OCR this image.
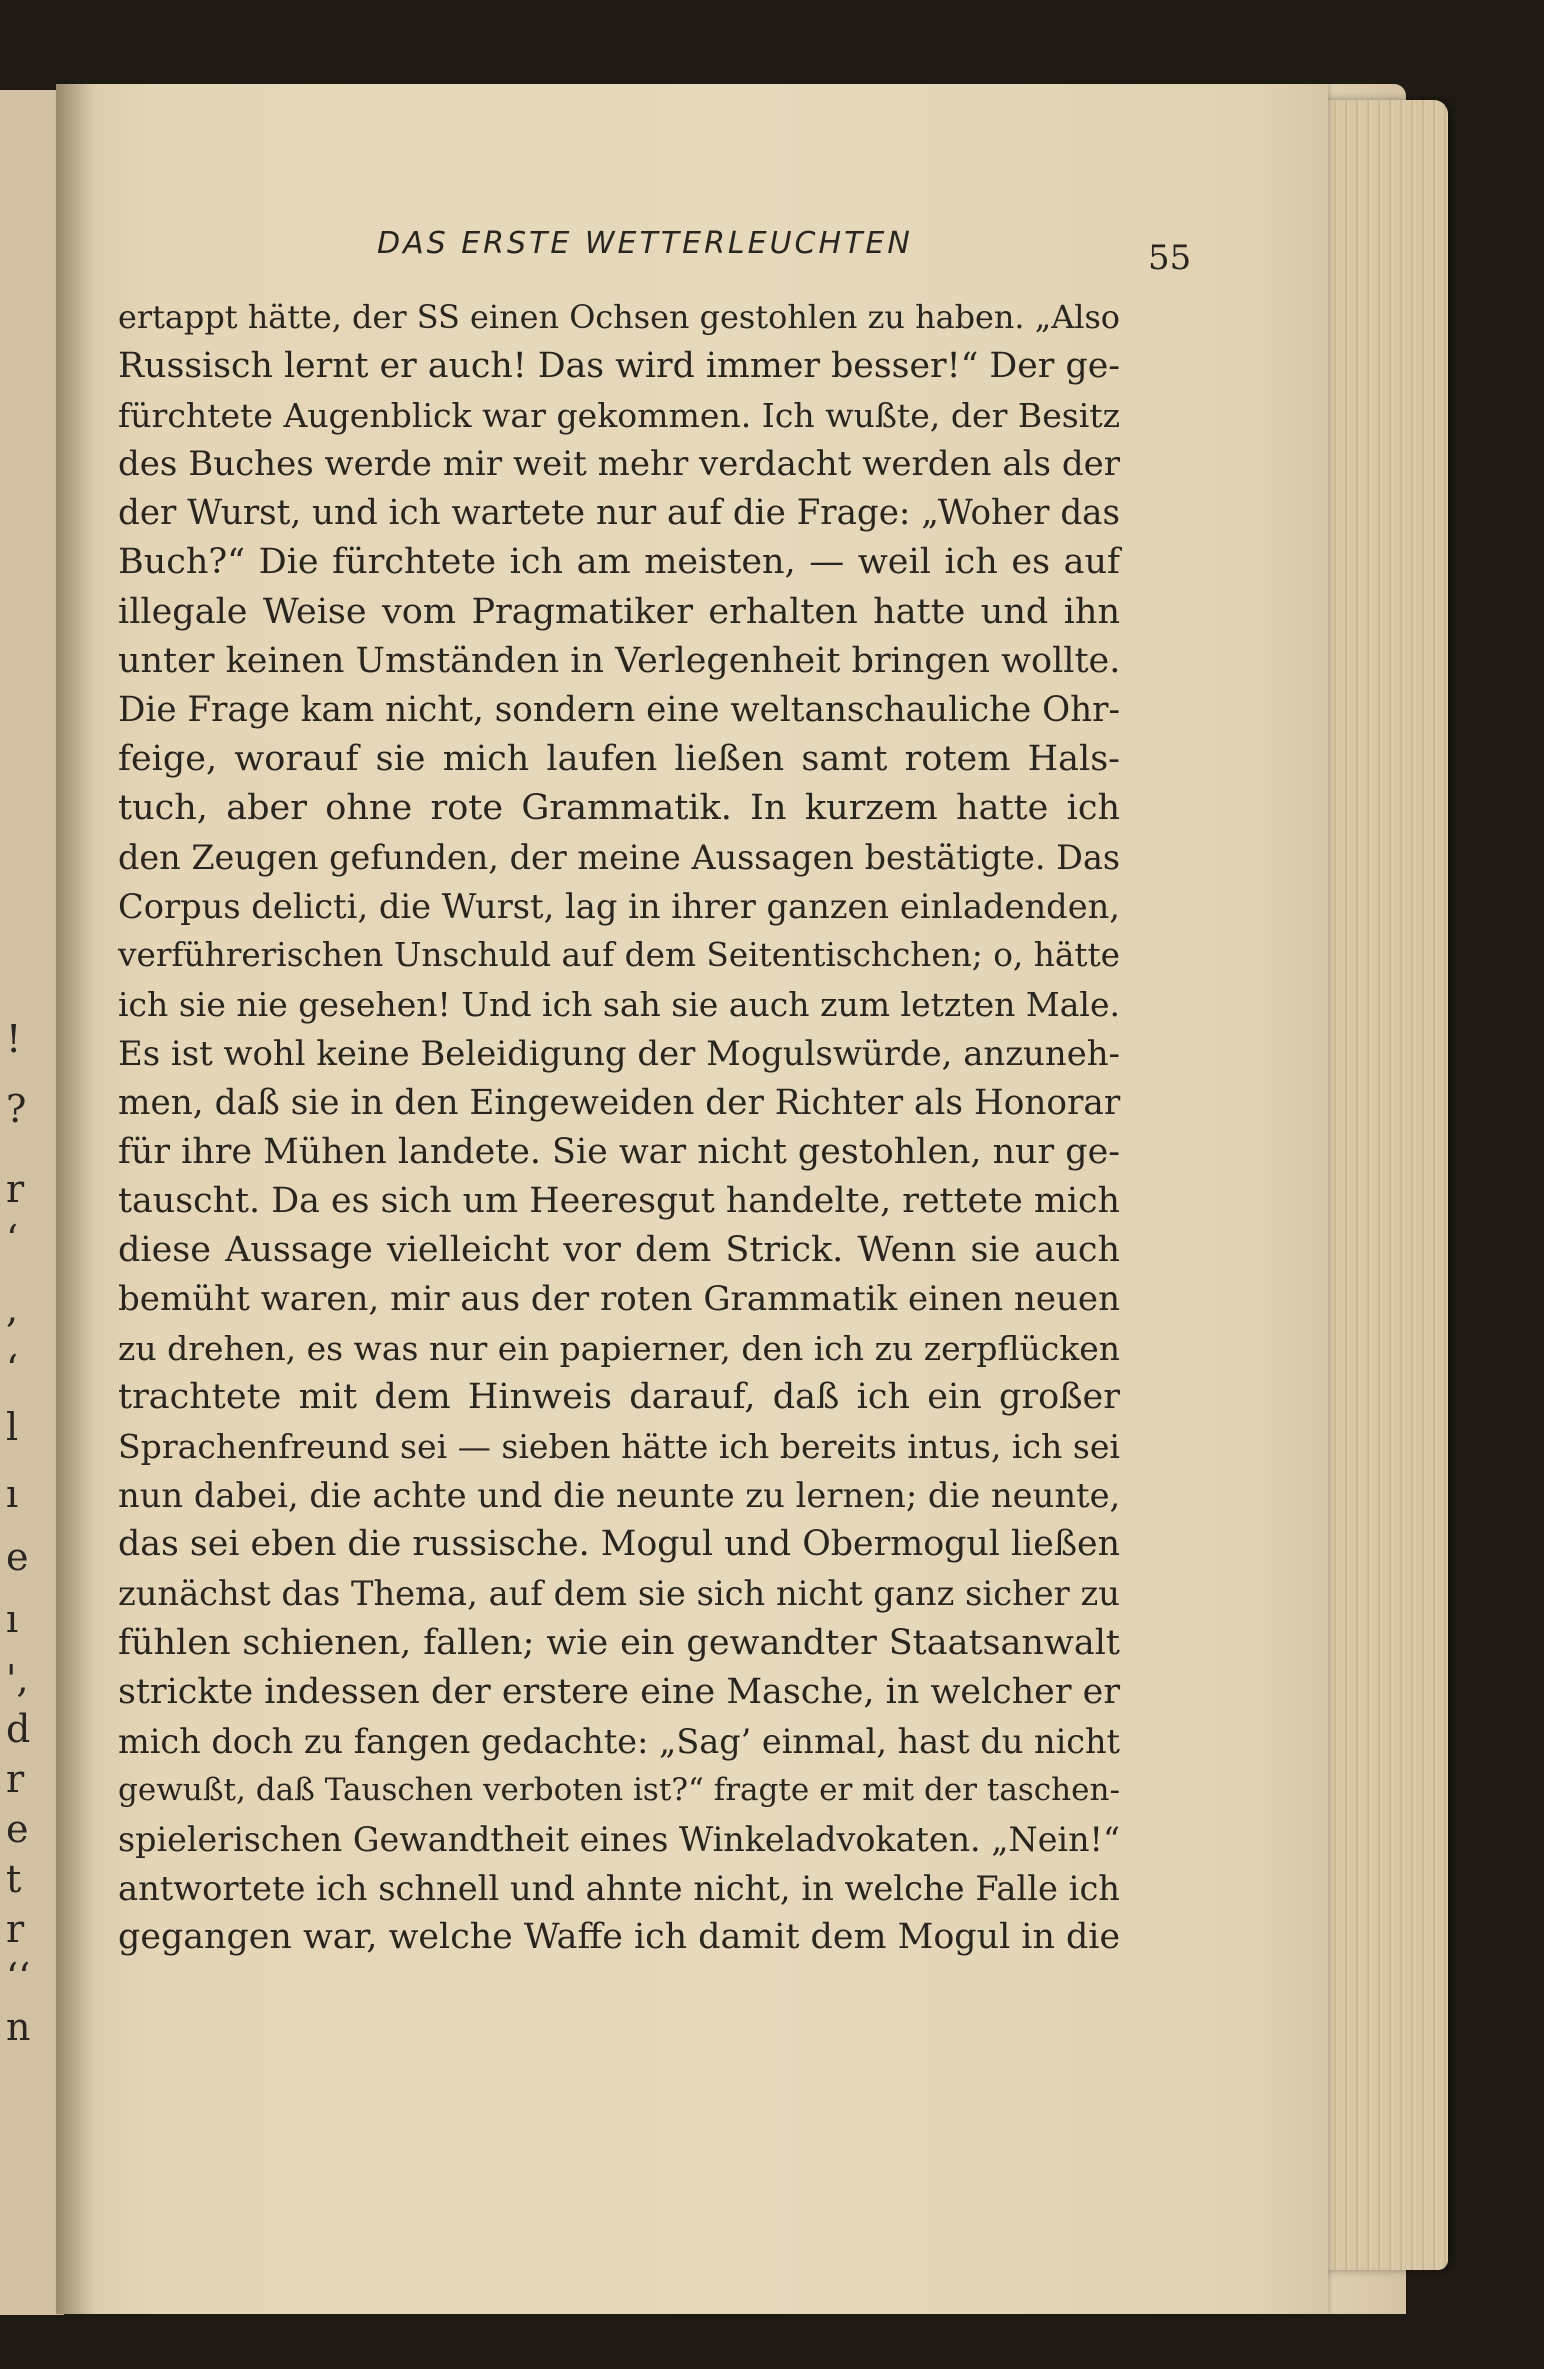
!
?
r
‘
,
‘
l
ı
e
ı
',
d
r
e
t
r
‘‘
n
DAS ERSTE WETTERLEUCHTEN	55

ertappt hätte, der SS einen Ochsen gestohlen zu haben. „Also
Russisch lernt er auch! Das wird immer besser!“ Der ge-
fürchtete Augenblick war gekommen. Ich wußte, der Besitz
des Buches werde mir weit mehr verdacht werden als der
der Wurst, und ich wartete nur auf die Frage: „Woher das
Buch?“ Die fürchtete ich am meisten, — weil ich es auf
illegale Weise vom Pragmatiker erhalten hatte und ihn
unter keinen Umständen in Verlegenheit bringen wollte.
Die Frage kam nicht, sondern eine weltanschauliche Ohr-
feige, worauf sie mich laufen ließen samt rotem Hals-
tuch, aber ohne rote Grammatik. In kurzem hatte ich
den Zeugen gefunden, der meine Aussagen bestätigte. Das
Corpus delicti, die Wurst, lag in ihrer ganzen einladenden,
verführerischen Unschuld auf dem Seitentischchen; o, hätte
ich sie nie gesehen! Und ich sah sie auch zum letzten Male.
Es ist wohl keine Beleidigung der Mogulswürde, anzuneh-
men, daß sie in den Eingeweiden der Richter als Honorar
für ihre Mühen landete. Sie war nicht gestohlen, nur ge-
tauscht. Da es sich um Heeresgut handelte, rettete mich
diese Aussage vielleicht vor dem Strick. Wenn sie auch
bemüht waren, mir aus der roten Grammatik einen neuen
zu drehen, es was nur ein papierner, den ich zu zerpflücken
trachtete mit dem Hinweis darauf, daß ich ein großer
Sprachenfreund sei — sieben hätte ich bereits intus, ich sei
nun dabei, die achte und die neunte zu lernen; die neunte,
das sei eben die russische. Mogul und Obermogul ließen
zunächst das Thema, auf dem sie sich nicht ganz sicher zu
fühlen schienen, fallen; wie ein gewandter Staatsanwalt
strickte indessen der erstere eine Masche, in welcher er
mich doch zu fangen gedachte: „Sag’ einmal, hast du nicht
gewußt, daß Tauschen verboten ist?“ fragte er mit der taschen-
spielerischen Gewandtheit eines Winkeladvokaten. „Nein!“
antwortete ich schnell und ahnte nicht, in welche Falle ich
gegangen war, welche Waffe ich damit dem Mogul in die
